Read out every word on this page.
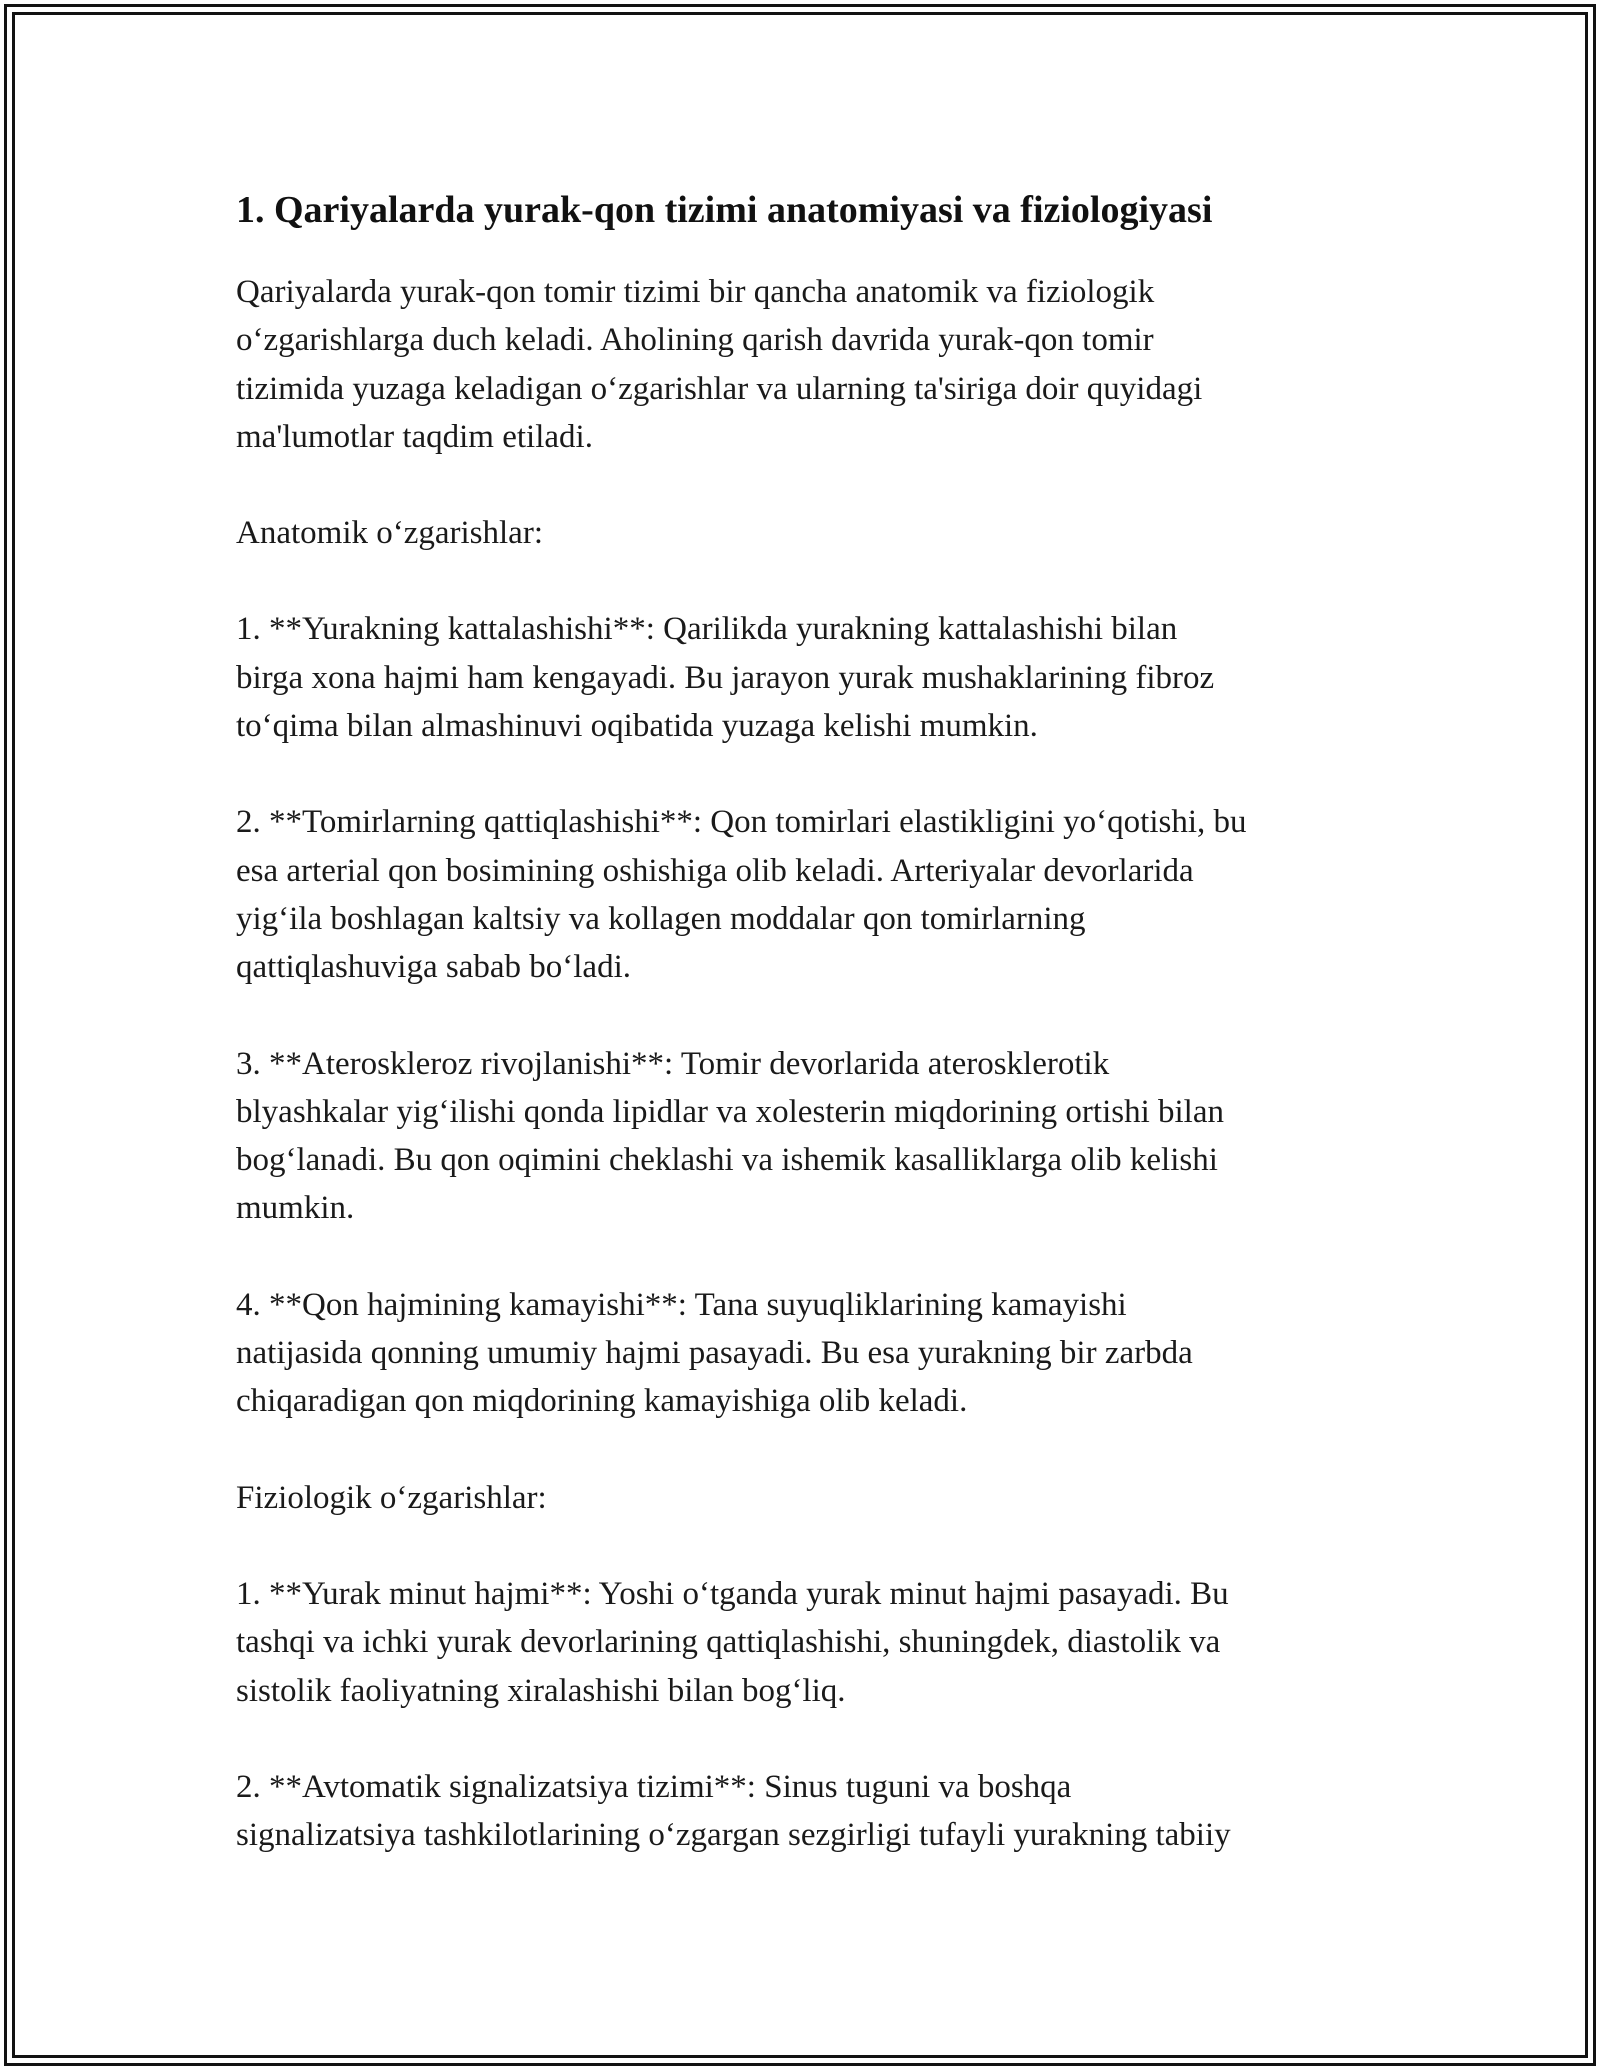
1. Qariyalarda yurak-qon tizimi anatomiyasi va fiziologiyasi

Qariyalarda yurak-qon tomir tizimi bir qancha anatomik va fiziologik
o‘zgarishlarga duch keladi. Aholining qarish davrida yurak-qon tomir
tizimida yuzaga keladigan o‘zgarishlar va ularning ta'siriga doir quyidagi
ma'lumotlar taqdim etiladi.

Anatomik o‘zgarishlar:

1. **Yurakning kattalashishi**: Qarilikda yurakning kattalashishi bilan
birga xona hajmi ham kengayadi. Bu jarayon yurak mushaklarining fibroz
to‘qima bilan almashinuvi oqibatida yuzaga kelishi mumkin.

2. **Tomirlarning qattiqlashishi**: Qon tomirlari elastikligini yo‘qotishi, bu
esa arterial qon bosimining oshishiga olib keladi. Arteriyalar devorlarida
yig‘ila boshlagan kaltsiy va kollagen moddalar qon tomirlarning
qattiqlashuviga sabab bo‘ladi.

3. **Ateroskleroz rivojlanishi**: Tomir devorlarida aterosklerotik
blyashkalar yig‘ilishi qonda lipidlar va xolesterin miqdorining ortishi bilan
bog‘lanadi. Bu qon oqimini cheklashi va ishemik kasalliklarga olib kelishi
mumkin.

4. **Qon hajmining kamayishi**: Tana suyuqliklarining kamayishi
natijasida qonning umumiy hajmi pasayadi. Bu esa yurakning bir zarbda
chiqaradigan qon miqdorining kamayishiga olib keladi.

Fiziologik o‘zgarishlar:

1. **Yurak minut hajmi**: Yoshi o‘tganda yurak minut hajmi pasayadi. Bu
tashqi va ichki yurak devorlarining qattiqlashishi, shuningdek, diastolik va
sistolik faoliyatning xiralashishi bilan bog‘liq.

2. **Avtomatik signalizatsiya tizimi**: Sinus tuguni va boshqa
signalizatsiya tashkilotlarining o‘zgargan sezgirligi tufayli yurakning tabiiy
